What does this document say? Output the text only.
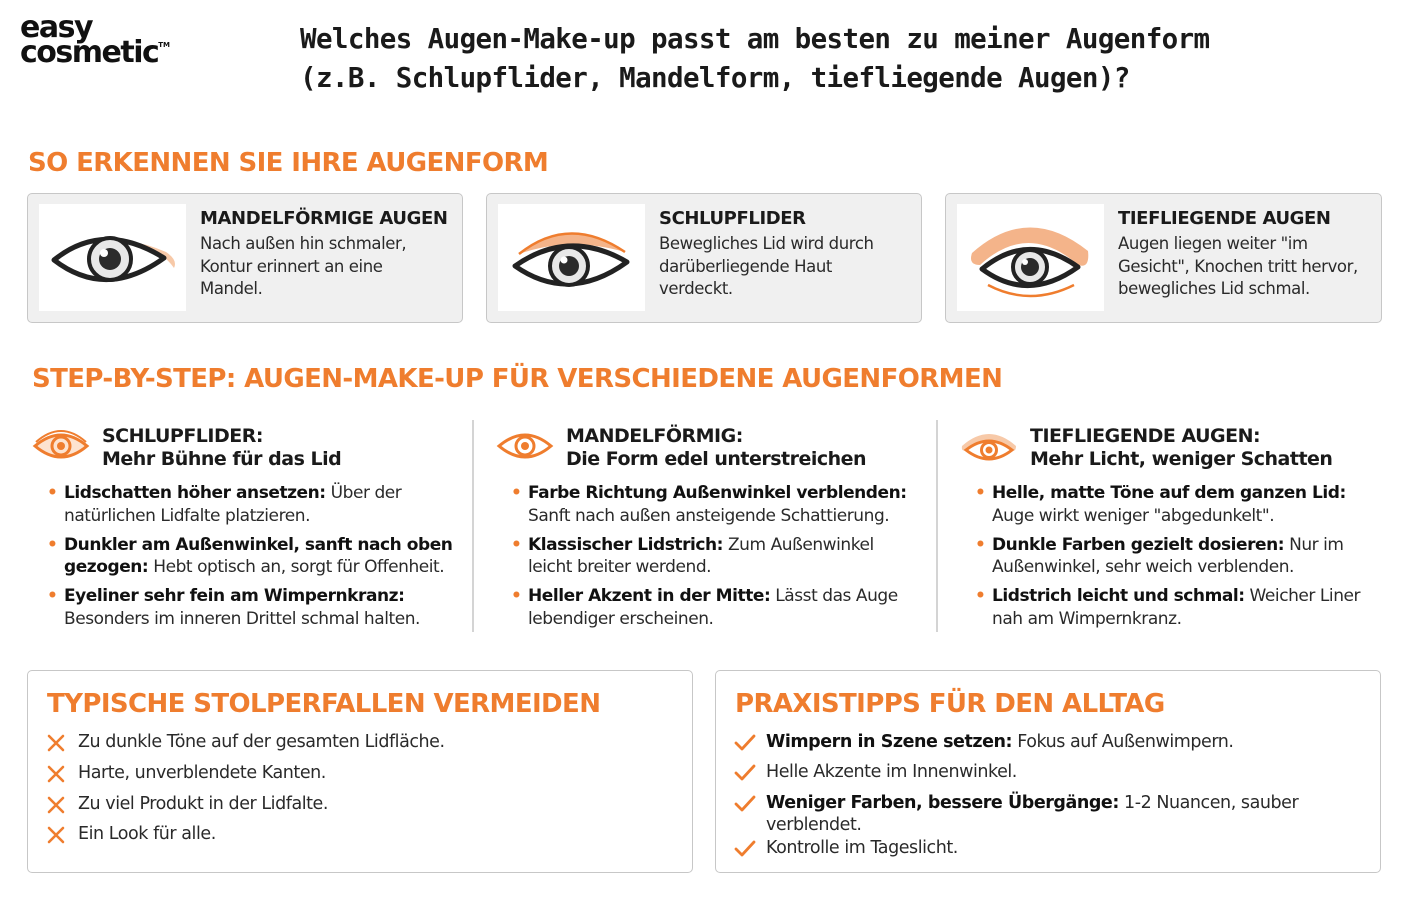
easy
cosmetic™	Welches Augen-Make-up passt am besten zu meiner Augenform
(z.B. Schlupflider, Mandelform, tiefliegende Augen)?
SO ERKENNEN SIE IHRE AUGENFORM
MANDELFÖRMIGE AUGEN

Nach außen hin schmaler,
Kontur erinnert an eine
Mandel.

SCHLUPFLIDER

Bewegliches Lid wird durch
darüberliegende Haut
verdeckt.

TIEFLIEGENDE AUGEN

Augen liegen weiter "im
Gesicht", Knochen tritt hervor,
bewegliches Lid schmal.

STEP-BY-STEP: AUGEN-MAKE-UP FÜR VERSCHIEDENE AUGENFORMEN
SCHLUPFLIDER:
Mehr Bühne für das Lid
• Lidschatten höher ansetzen: Über der
natürlichen Lidfalte platzieren.
• Dunkler am Außenwinkel, sanft nach oben
gezogen: Hebt optisch an, sorgt für Offenheit.
• Eyeliner sehr fein am Wimpernkranz:
Besonders im inneren Drittel schmal halten.
MANDELFÖRMIG:
Die Form edel unterstreichen
• Farbe Richtung Außenwinkel verblenden:
Sanft nach außen ansteigende Schattierung.
• Klassischer Lidstrich: Zum Außenwinkel
leicht breiter werdend.
• Heller Akzent in der Mitte: Lässt das Auge
lebendiger erscheinen.
TIEFLIEGENDE AUGEN:
Mehr Licht, weniger Schatten
• Helle, matte Töne auf dem ganzen Lid:
Auge wirkt weniger "abgedunkelt".
• Dunkle Farben gezielt dosieren: Nur im
Außenwinkel, sehr weich verblenden.
• Lidstrich leicht und schmal: Weicher Liner
nah am Wimpernkranz.
TYPISCHE STOLPERFALLEN VERMEIDEN
Zu dunkle Töne auf der gesamten Lidfläche.
Harte, unverblendete Kanten.
Zu viel Produkt in der Lidfalte.
Ein Look für alle.
PRAXISTIPPS FÜR DEN ALLTAG
Wimpern in Szene setzen: Fokus auf Außenwimpern.
Helle Akzente im Innenwinkel.
Weniger Farben, bessere Übergänge: 1-2 Nuancen, sauber
verblendet.
Kontrolle im Tageslicht.
